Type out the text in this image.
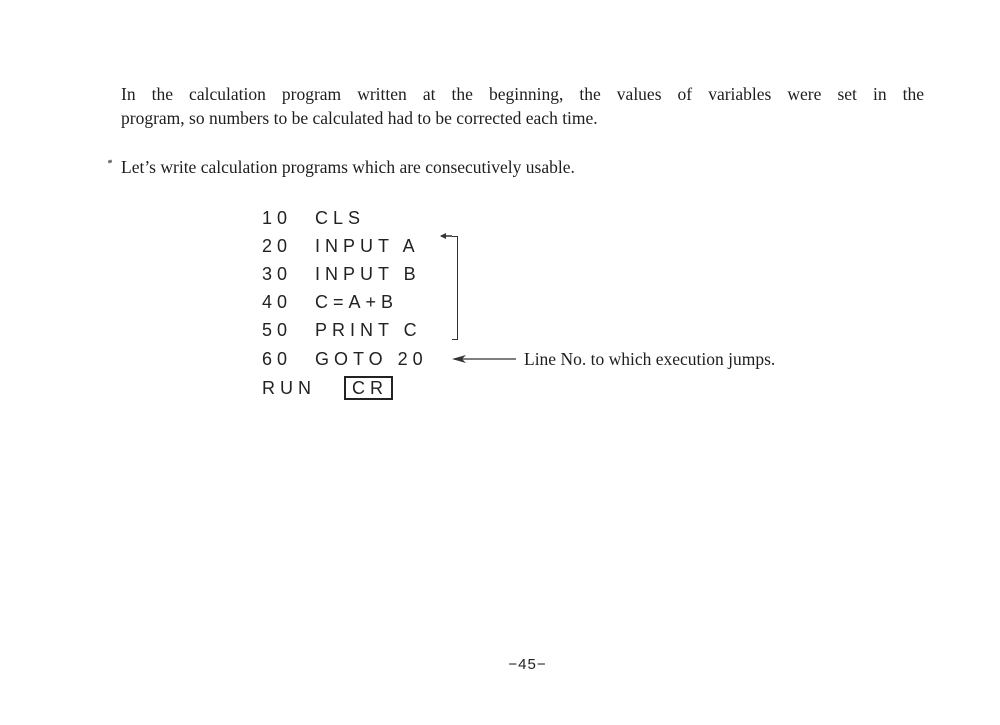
In the calculation program written at the beginning, the values of variables were set in the
program, so numbers to be calculated had to be corrected each time.

Let’s write calculation programs which are consecutively usable.

10 CLS
20 INPUT A
30 INPUT B
40 C=A+B
50 PRINT C
60 GOTO 20
RUN	CR

Line No. to which execution jumps.

−45−
